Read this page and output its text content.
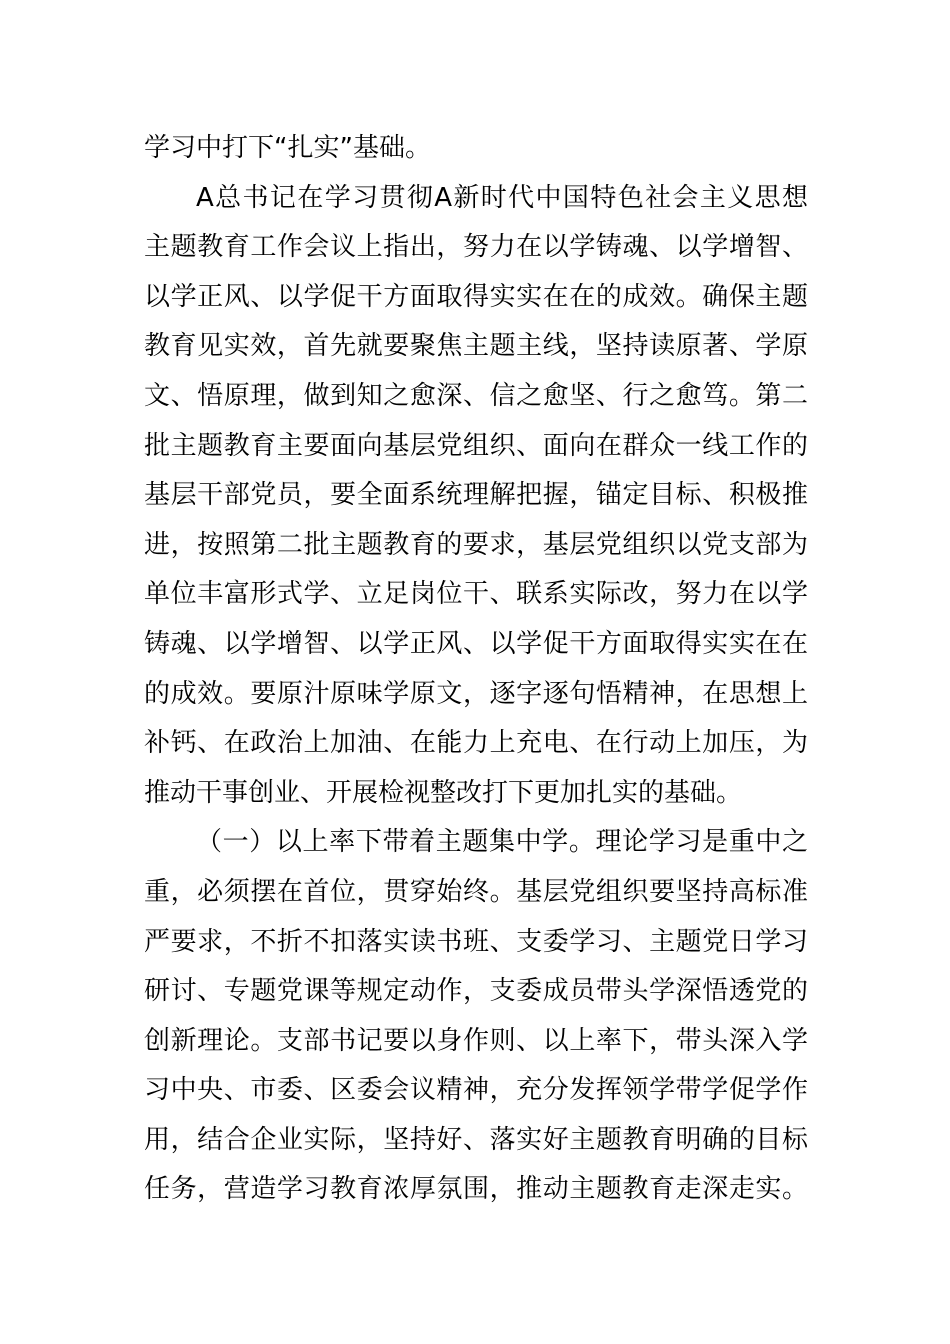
学习中打下“扎实”基础。
A总书记在学习贯彻A新时代中国特色社会主义思想
主题教育工作会议上指出，努力在以学铸魂、以学增智、
以学正风、以学促干方面取得实实在在的成效。确保主题
教育见实效，首先就要聚焦主题主线，坚持读原著、学原
文、悟原理，做到知之愈深、信之愈坚、行之愈笃。第二
批主题教育主要面向基层党组织、面向在群众一线工作的
基层干部党员，要全面系统理解把握，锚定目标、积极推
进，按照第二批主题教育的要求，基层党组织以党支部为
单位丰富形式学、立足岗位干、联系实际改，努力在以学
铸魂、以学增智、以学正风、以学促干方面取得实实在在
的成效。要原汁原味学原文，逐字逐句悟精神，在思想上
补钙、在政治上加油、在能力上充电、在行动上加压，为
推动干事创业、开展检视整改打下更加扎实的基础。
（一）以上率下带着主题集中学。理论学习是重中之
重，必须摆在首位，贯穿始终。基层党组织要坚持高标准
严要求，不折不扣落实读书班、支委学习、主题党日学习
研讨、专题党课等规定动作，支委成员带头学深悟透党的
创新理论。支部书记要以身作则、以上率下，带头深入学
习中央、市委、区委会议精神，充分发挥领学带学促学作
用，结合企业实际，坚持好、落实好主题教育明确的目标
任务，营造学习教育浓厚氛围，推动主题教育走深走实。
